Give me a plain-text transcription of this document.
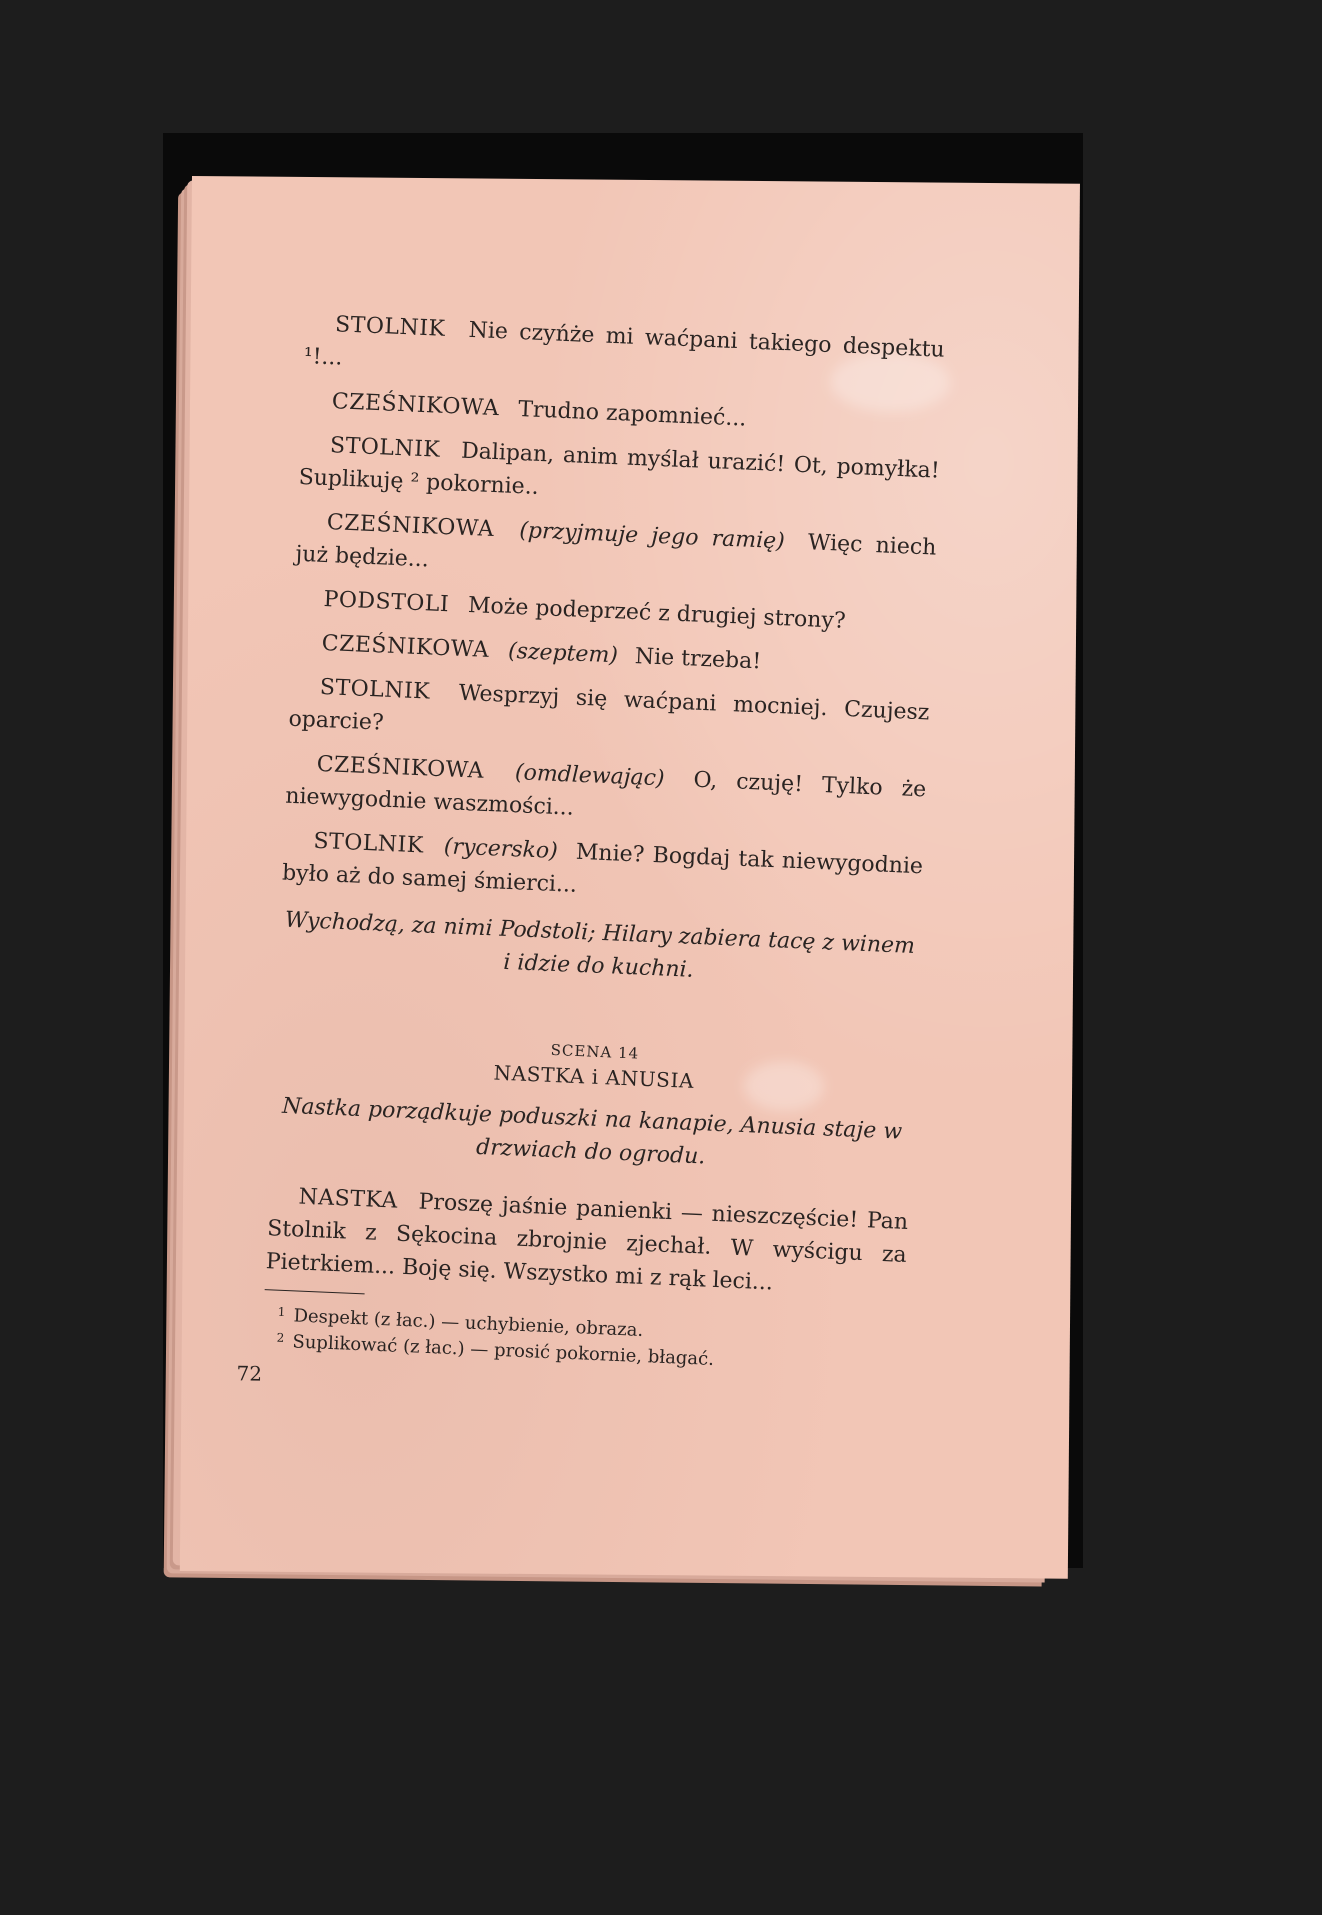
STOLNIK Nie czyńże mi waćpani takiego despektu ¹!...

CZEŚNIKOWA Trudno zapomnieć...

STOLNIK Dalipan, anim myślał urazić! Ot, pomyłka! Suplikuję ² pokornie..

CZEŚNIKOWA (przyjmuje jego ramię) Więc niech już będzie...

PODSTOLI Może podeprzeć z drugiej strony?

CZEŚNIKOWA (szeptem) Nie trzeba!

STOLNIK Wesprzyj się waćpani mocniej. Czujesz oparcie?

CZEŚNIKOWA (omdlewając) O, czuję! Tylko że niewygodnie waszmości...

STOLNIK (rycersko) Mnie? Bogdaj tak niewygodnie było aż do samej śmierci...

Wychodzą, za nimi Podstoli; Hilary zabiera tacę z winem i idzie do kuchni.

SCENA 14
NASTKA i ANUSIA

Nastka porządkuje poduszki na kanapie, Anusia staje w drzwiach do ogrodu.

NASTKA Proszę jaśnie panienki — nieszczęście! Pan Stolnik z Sękocina zbrojnie zjechał. W wyścigu za Pietrkiem... Boję się. Wszystko mi z rąk leci...

1 Despekt (z łac.) — uchybienie, obraza.
2 Suplikować (z łac.) — prosić pokornie, błagać.
72
